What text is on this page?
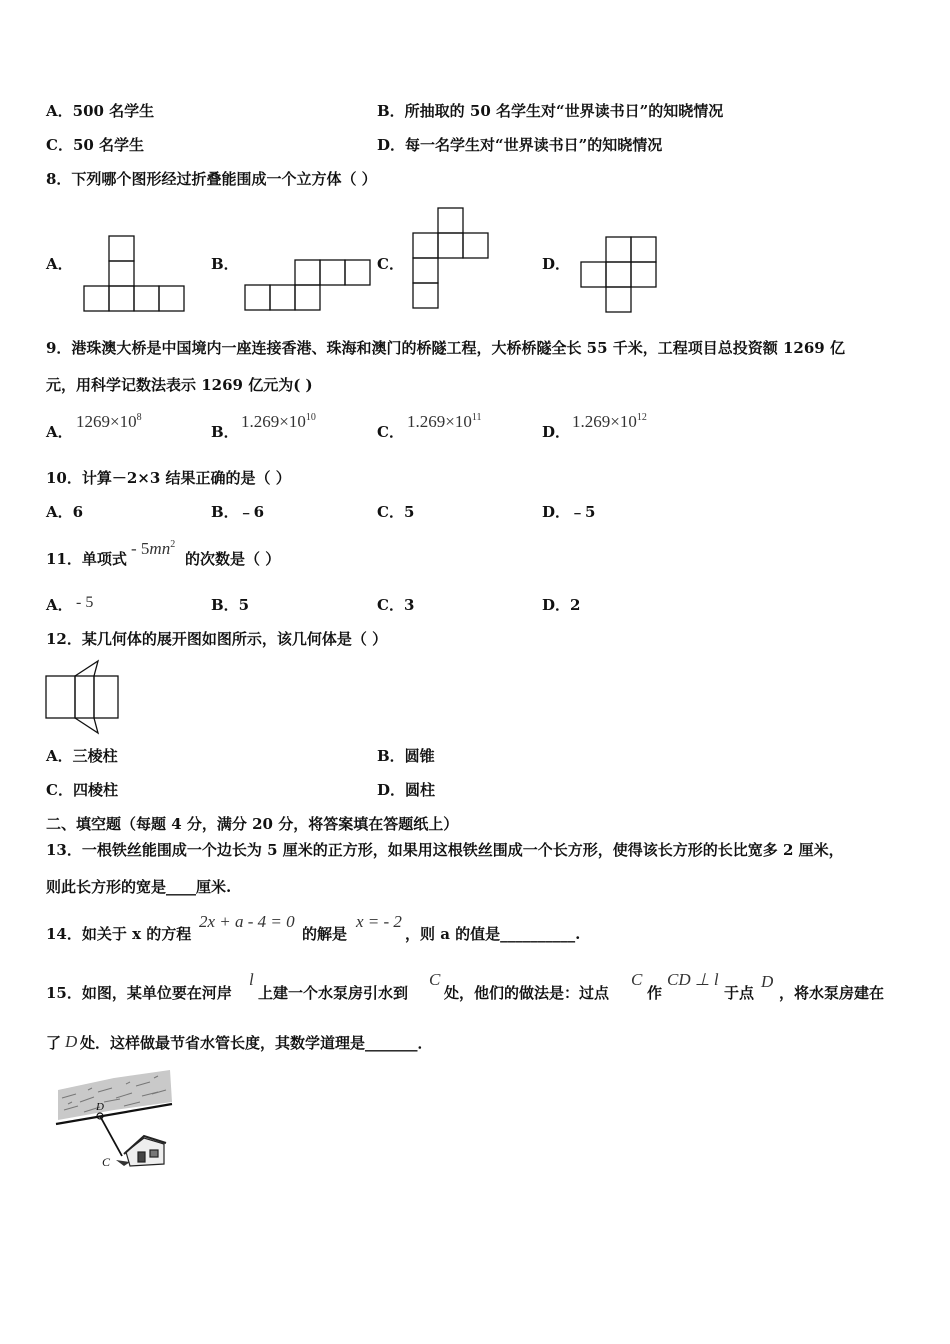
A．500 名学生	B．所抽取的 50 名学生对“世界读书日”的知晓情况
C．50 名学生	D．每一名学生对“世界读书日”的知晓情况
8．下列哪个图形经过折叠能围成一个立方体（ ）
A．	B．	C．	D．
9．港珠澳大桥是中国境内一座连接香港、珠海和澳门的桥隧工程，大桥桥隧全长 55 千米，工程项目总投资额 1269 亿
元，用科学记数法表示 1269 亿元为( )
A．
$1269\times 10^8$
B．
$1.269\times 10^{10}$
C．
$1.269\times 10^{11}$
D．
$1.269\times 10^{12}$
10．计算－2×3 结果正确的是（ ）
A．6	B．﹣6	C．5	D．﹣5
11．单项式
- $5mn^2$
的次数是（ ）
A． - 5	B．5	C．3	D．2
12．某几何体的展开图如图所示，该几何体是（ ）
A．三棱柱	B．圆锥
C．四棱柱	D．圆柱
二、填空题（每题 4 分，满分 20 分，将答案填在答题纸上）
13．一根铁丝能围成一个边长为 5 厘米的正方形，如果用这根铁丝围成一个长方形，使得该长方形的长比宽多 2 厘米，
则此长方形的宽是____厘米.
14．如关于 x 的方程
2x + a - 4 = 0
的解是
x = - 2
，则 a 的值是__________.
15．如图，某单位要在河岸
l
上建一个水泵房引水到
C
处，他们的做法是：过点
C
作
CD ⊥ l
于点
D
，将水泵房建在
了 D 处．这样做最节省水管长度，其数学道理是_______．
C
D
